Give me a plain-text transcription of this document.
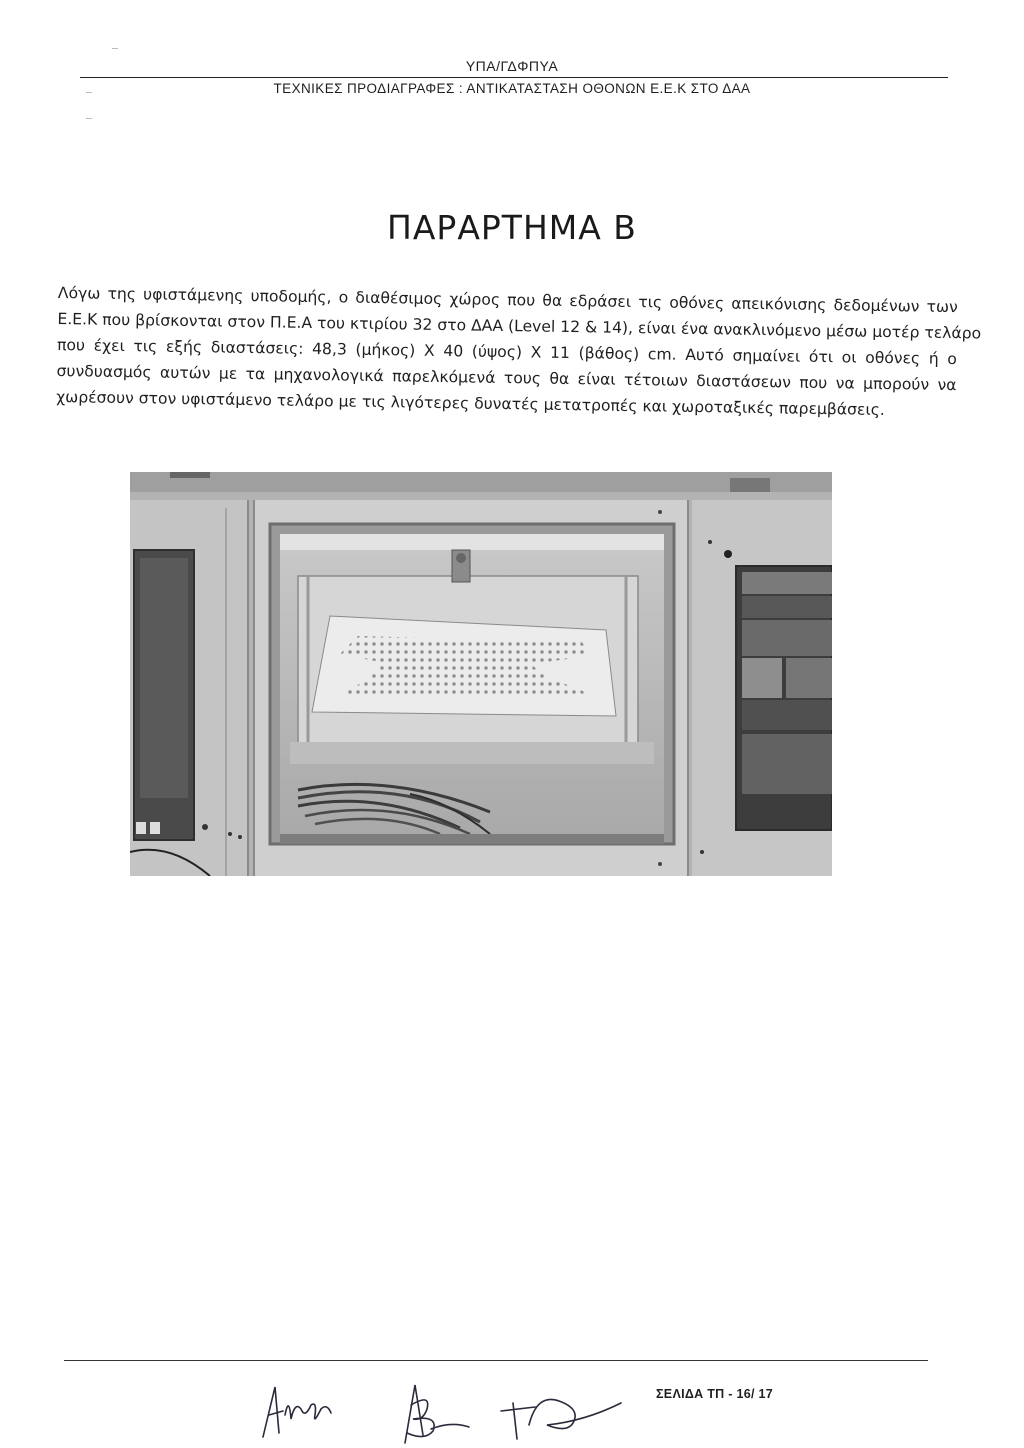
ΥΠΑ/ΓΔΦΠΥΑ
ΤΕΧΝΙΚΕΣ ΠΡΟΔΙΑΓΡΑΦΕΣ : ΑΝΤΙΚΑΤΑΣΤΑΣΗ ΟΘΟΝΩΝ Ε.Ε.Κ ΣΤΟ ΔΑΑ
ΠΑΡΑΡΤΗΜΑ Β
Λόγω της υφιστάμενης υποδομής, ο διαθέσιμος χώρος που θα εδράσει τις οθόνες απεικόνισης δεδομένων των
Ε.Ε.Κ που βρίσκονται στον Π.Ε.Α του κτιρίου 32 στο ΔΑΑ (Level 12 & 14), είναι ένα ανακλινόμενο μέσω μοτέρ τελάρο
που έχει τις εξής διαστάσεις: 48,3 (μήκος) Χ 40 (ύψος) Χ 11 (βάθος) cm. Αυτό σημαίνει ότι οι οθόνες ή ο
συνδυασμός αυτών με τα μηχανολογικά παρελκόμενά τους θα είναι τέτοιων διαστάσεων που να μπορούν να
χωρέσουν στον υφιστάμενο τελάρο με τις λιγότερες δυνατές μετατροπές και χωροταξικές παρεμβάσεις.
ΣΕΛΙΔΑ ΤΠ - 16/ 17
